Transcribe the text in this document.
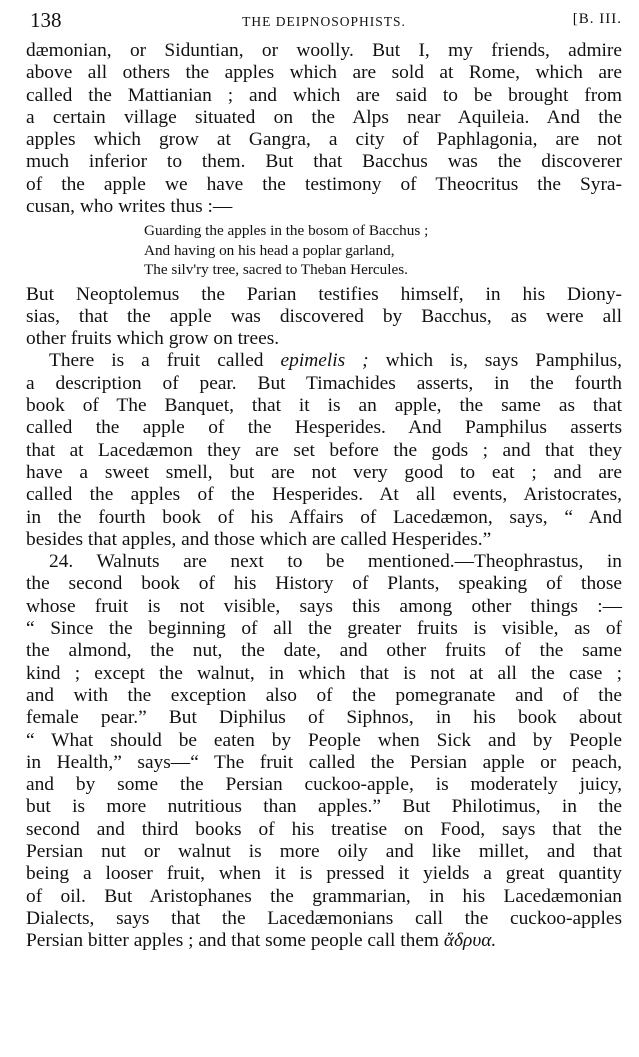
138	THE DEIPNOSOPHISTS.	[B. III.
dæmonian, or Siduntian, or woolly. But I, my friends, admire
above all others the apples which are sold at Rome, which are
called the Mattianian ; and which are said to be brought from
a certain village situated on the Alps near Aquileia. And the
apples which grow at Gangra, a city of Paphlagonia, are not
much inferior to them. But that Bacchus was the discoverer
of the apple we have the testimony of Theocritus the Syra-
cusan, who writes thus :—
Guarding the apples in the bosom of Bacchus ;
And having on his head a poplar garland,
The silv'ry tree, sacred to Theban Hercules.
But Neoptolemus the Parian testifies himself, in his Diony-
sias, that the apple was discovered by Bacchus, as were all
other fruits which grow on trees.
There is a fruit called epimelis ; which is, says Pamphilus,
a description of pear. But Timachides asserts, in the fourth
book of The Banquet, that it is an apple, the same as that
called the apple of the Hesperides. And Pamphilus asserts
that at Lacedæmon they are set before the gods ; and that they
have a sweet smell, but are not very good to eat ; and are
called the apples of the Hesperides. At all events, Aristocrates,
in the fourth book of his Affairs of Lacedæmon, says, “ And
besides that apples, and those which are called Hesperides.”
24. Walnuts are next to be mentioned.—Theophrastus, in
the second book of his History of Plants, speaking of those
whose fruit is not visible, says this among other things :—
“ Since the beginning of all the greater fruits is visible, as of
the almond, the nut, the date, and other fruits of the same
kind ; except the walnut, in which that is not at all the case ;
and with the exception also of the pomegranate and of the
female pear.” But Diphilus of Siphnos, in his book about
“ What should be eaten by People when Sick and by People
in Health,” says—“ The fruit called the Persian apple or peach,
and by some the Persian cuckoo-apple, is moderately juicy,
but is more nutritious than apples.” But Philotimus, in the
second and third books of his treatise on Food, says that the
Persian nut or walnut is more oily and like millet, and that
being a looser fruit, when it is pressed it yields a great quantity
of oil. But Aristophanes the grammarian, in his Lacedæmonian
Dialects, says that the Lacedæmonians call the cuckoo-apples
Persian bitter apples ; and that some people call them ἄδρυα.
